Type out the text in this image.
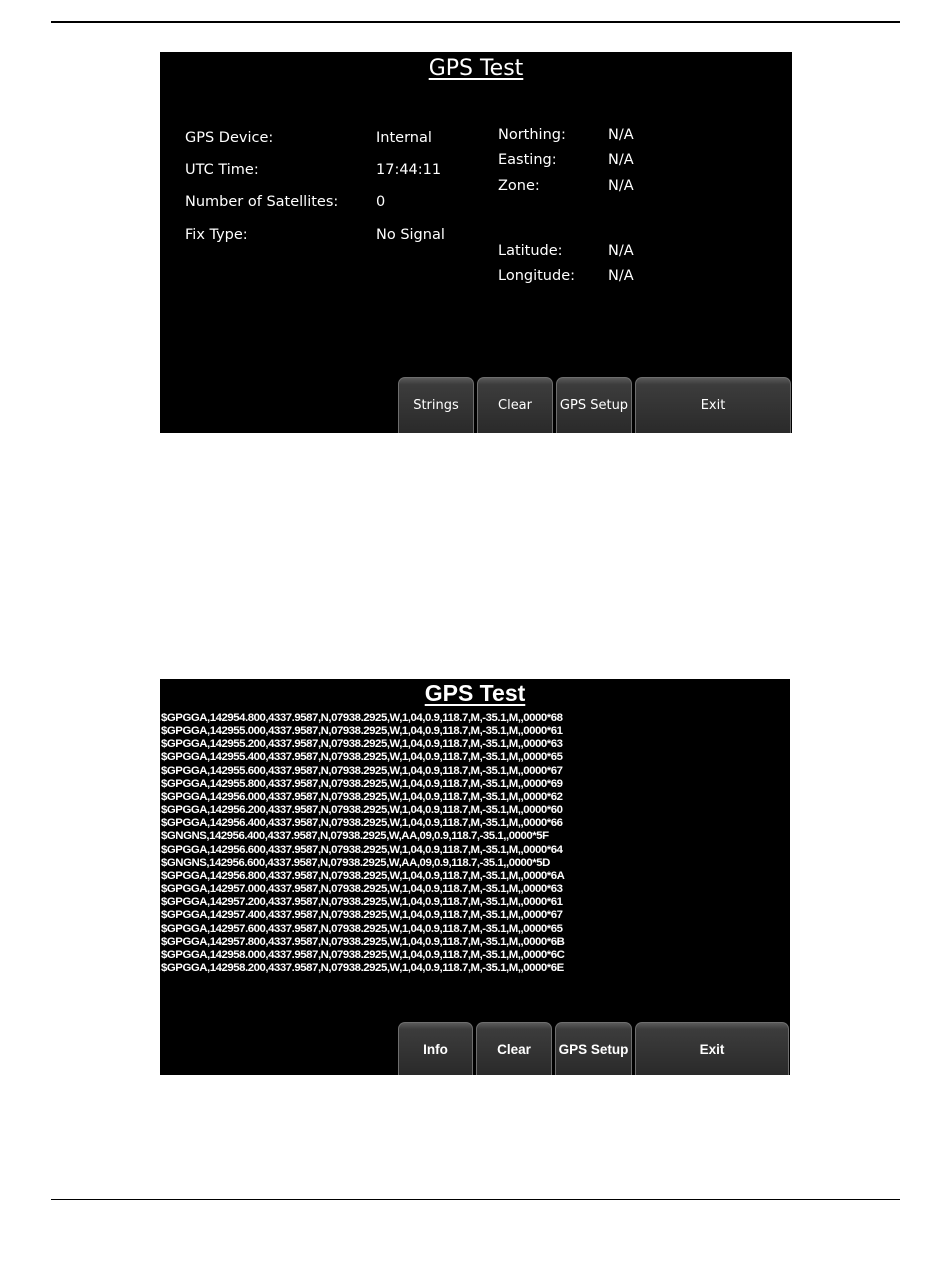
GPS Test
GPS Device:	Internal
UTC Time:	17:44:11
Number of Satellites:	0
Fix Type:	No Signal
Northing:	N/A
Easting:	N/A
Zone:	N/A
Latitude:	N/A
Longitude: N/A
Strings	Clear	GPS Setup	Exit
GPS Test
$GPGGA,142954.800,4337.9587,N,07938.2925,W,1,04,0.9,118.7,M,-35.1,M,,0000*68
$GPGGA,142955.000,4337.9587,N,07938.2925,W,1,04,0.9,118.7,M,-35.1,M,,0000*61
$GPGGA,142955.200,4337.9587,N,07938.2925,W,1,04,0.9,118.7,M,-35.1,M,,0000*63
$GPGGA,142955.400,4337.9587,N,07938.2925,W,1,04,0.9,118.7,M,-35.1,M,,0000*65
$GPGGA,142955.600,4337.9587,N,07938.2925,W,1,04,0.9,118.7,M,-35.1,M,,0000*67
$GPGGA,142955.800,4337.9587,N,07938.2925,W,1,04,0.9,118.7,M,-35.1,M,,0000*69
$GPGGA,142956.000,4337.9587,N,07938.2925,W,1,04,0.9,118.7,M,-35.1,M,,0000*62
$GPGGA,142956.200,4337.9587,N,07938.2925,W,1,04,0.9,118.7,M,-35.1,M,,0000*60
$GPGGA,142956.400,4337.9587,N,07938.2925,W,1,04,0.9,118.7,M,-35.1,M,,0000*66
$GNGNS,142956.400,4337.9587,N,07938.2925,W,AA,09,0.9,118.7,-35.1,,0000*5F
$GPGGA,142956.600,4337.9587,N,07938.2925,W,1,04,0.9,118.7,M,-35.1,M,,0000*64
$GNGNS,142956.600,4337.9587,N,07938.2925,W,AA,09,0.9,118.7,-35.1,,0000*5D
$GPGGA,142956.800,4337.9587,N,07938.2925,W,1,04,0.9,118.7,M,-35.1,M,,0000*6A
$GPGGA,142957.000,4337.9587,N,07938.2925,W,1,04,0.9,118.7,M,-35.1,M,,0000*63
$GPGGA,142957.200,4337.9587,N,07938.2925,W,1,04,0.9,118.7,M,-35.1,M,,0000*61
$GPGGA,142957.400,4337.9587,N,07938.2925,W,1,04,0.9,118.7,M,-35.1,M,,0000*67
$GPGGA,142957.600,4337.9587,N,07938.2925,W,1,04,0.9,118.7,M,-35.1,M,,0000*65
$GPGGA,142957.800,4337.9587,N,07938.2925,W,1,04,0.9,118.7,M,-35.1,M,,0000*6B
$GPGGA,142958.000,4337.9587,N,07938.2925,W,1,04,0.9,118.7,M,-35.1,M,,0000*6C
$GPGGA,142958.200,4337.9587,N,07938.2925,W,1,04,0.9,118.7,M,-35.1,M,,0000*6E
Info	Clear	GPS Setup	Exit
